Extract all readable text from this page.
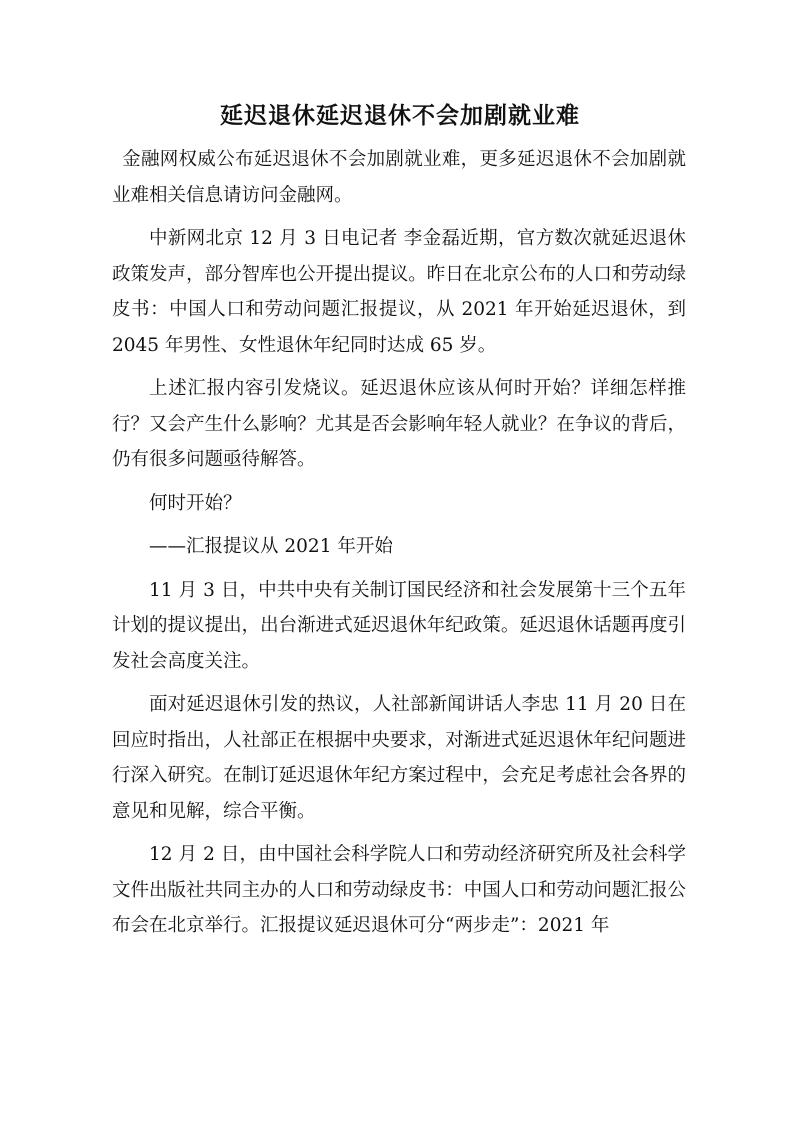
延迟退休延迟退休不会加剧就业难

金融网权威公布延迟退休不会加剧就业难，更多延迟退休不会加剧就业难相关信息请访问金融网。

中新网北京 12 月 3 日电记者 李金磊近期，官方数次就延迟退休政策发声，部分智库也公开提出提议。昨日在北京公布的人口和劳动绿皮书：中国人口和劳动问题汇报提议，从 2021 年开始延迟退休，到 2045 年男性、女性退休年纪同时达成 65 岁。

上述汇报内容引发烧议。延迟退休应该从何时开始？详细怎样推行？又会产生什么影响？尤其是否会影响年轻人就业？在争议的背后，仍有很多问题亟待解答。

何时开始？

——汇报提议从 2021 年开始

11 月 3 日，中共中央有关制订国民经济和社会发展第十三个五年计划的提议提出，出台渐进式延迟退休年纪政策。延迟退休话题再度引发社会高度关注。

面对延迟退休引发的热议，人社部新闻讲话人李忠 11 月 20 日在回应时指出，人社部正在根据中央要求，对渐进式延迟退休年纪问题进行深入研究。在制订延迟退休年纪方案过程中，会充足考虑社会各界的意见和见解，综合平衡。

12 月 2 日，由中国社会科学院人口和劳动经济研究所及社会科学文件出版社共同主办的人口和劳动绿皮书：中国人口和劳动问题汇报公布会在北京举行。汇报提议延迟退休可分“两步走”：2021 年
